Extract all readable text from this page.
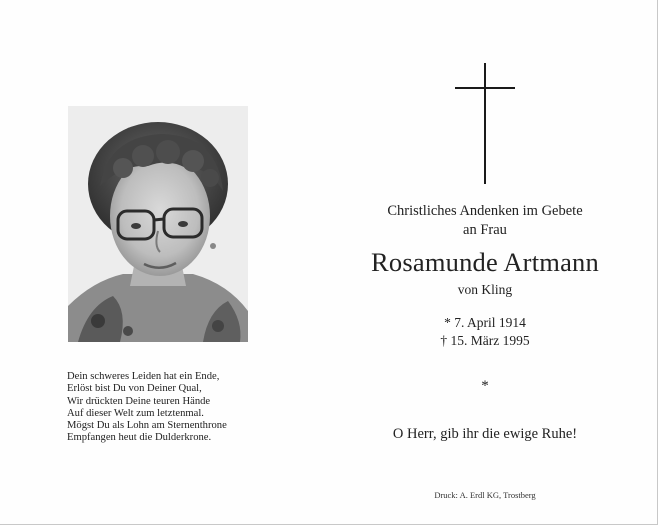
Dein schweres Leiden hat ein Ende,
Erlöst bist Du von Deiner Qual,
Wir drückten Deine teuren Hände
Auf dieser Welt zum letztenmal.
Mögst Du als Lohn am Sternenthrone
Empfangen heut die Dulderkrone.
Christliches Andenken im Gebete
an Frau
Rosamunde Artmann
von Kling
* 7. April 1914
† 15. März 1995
*
O Herr, gib ihr die ewige Ruhe!
Druck: A. Erdl KG, Trostberg
